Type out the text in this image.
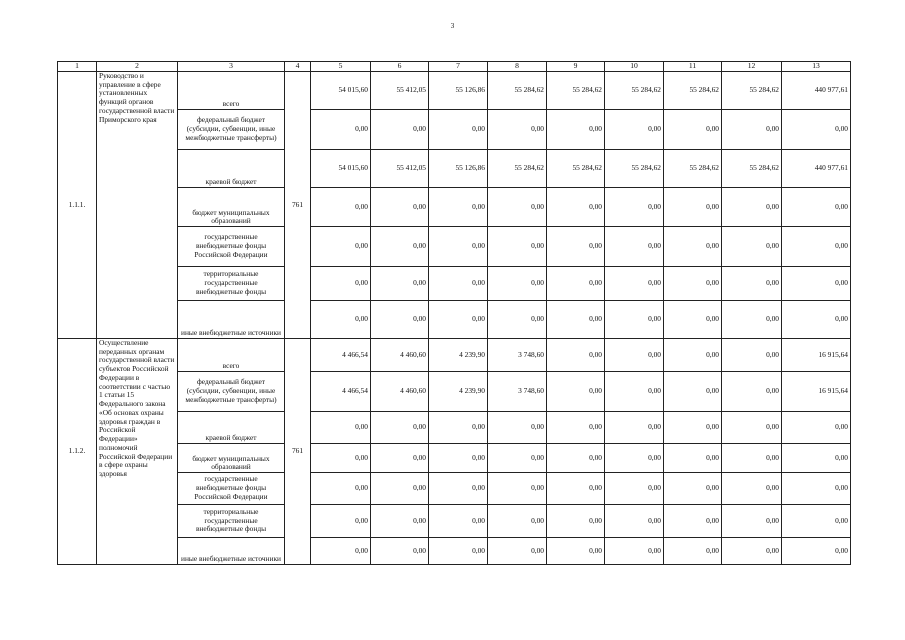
3
1	2	3	4	5	6	7	8	9	10	11	12	13
1.1.1.	Руководство и управление в сфере установленных функций органов государственной власти Приморского края	всего	761	54 015,60	55 412,05	55 126,86	55 284,62	55 284,62	55 284,62	55 284,62	55 284,62	440 977,61
		федеральный бюджет (субсидии, субвенции, иные межбюджетные трансферты)		0,00	0,00	0,00	0,00	0,00	0,00	0,00	0,00	0,00
		краевой бюджет		54 015,60	55 412,05	55 126,86	55 284,62	55 284,62	55 284,62	55 284,62	55 284,62	440 977,61
		бюджет муниципальных образований		0,00	0,00	0,00	0,00	0,00	0,00	0,00	0,00	0,00
		государственные внебюджетные фонды Российской Федерации		0,00	0,00	0,00	0,00	0,00	0,00	0,00	0,00	0,00
		территориальные государственные внебюджетные фонды		0,00	0,00	0,00	0,00	0,00	0,00	0,00	0,00	0,00
		иные внебюджетные источники		0,00	0,00	0,00	0,00	0,00	0,00	0,00	0,00	0,00
1.1.2.	Осуществление переданных органам государственной власти субъектов Российской Федерации в соответствии с частью 1 статьи 15 Федерального закона «Об основах охраны здоровья граждан в Российской Федерации» полномочий Российской Федерации в сфере охраны здоровья	всего	761	4 466,54	4 460,60	4 239,90	3 748,60	0,00	0,00	0,00	0,00	16 915,64
		федеральный бюджет (субсидии, субвенции, иные межбюджетные трансферты)		4 466,54	4 460,60	4 239,90	3 748,60	0,00	0,00	0,00	0,00	16 915,64
		краевой бюджет		0,00	0,00	0,00	0,00	0,00	0,00	0,00	0,00	0,00
		бюджет муниципальных образований		0,00	0,00	0,00	0,00	0,00	0,00	0,00	0,00	0,00
		государственные внебюджетные фонды Российской Федерации		0,00	0,00	0,00	0,00	0,00	0,00	0,00	0,00	0,00
		территориальные государственные внебюджетные фонды		0,00	0,00	0,00	0,00	0,00	0,00	0,00	0,00	0,00
		иные внебюджетные источники		0,00	0,00	0,00	0,00	0,00	0,00	0,00	0,00	0,00
